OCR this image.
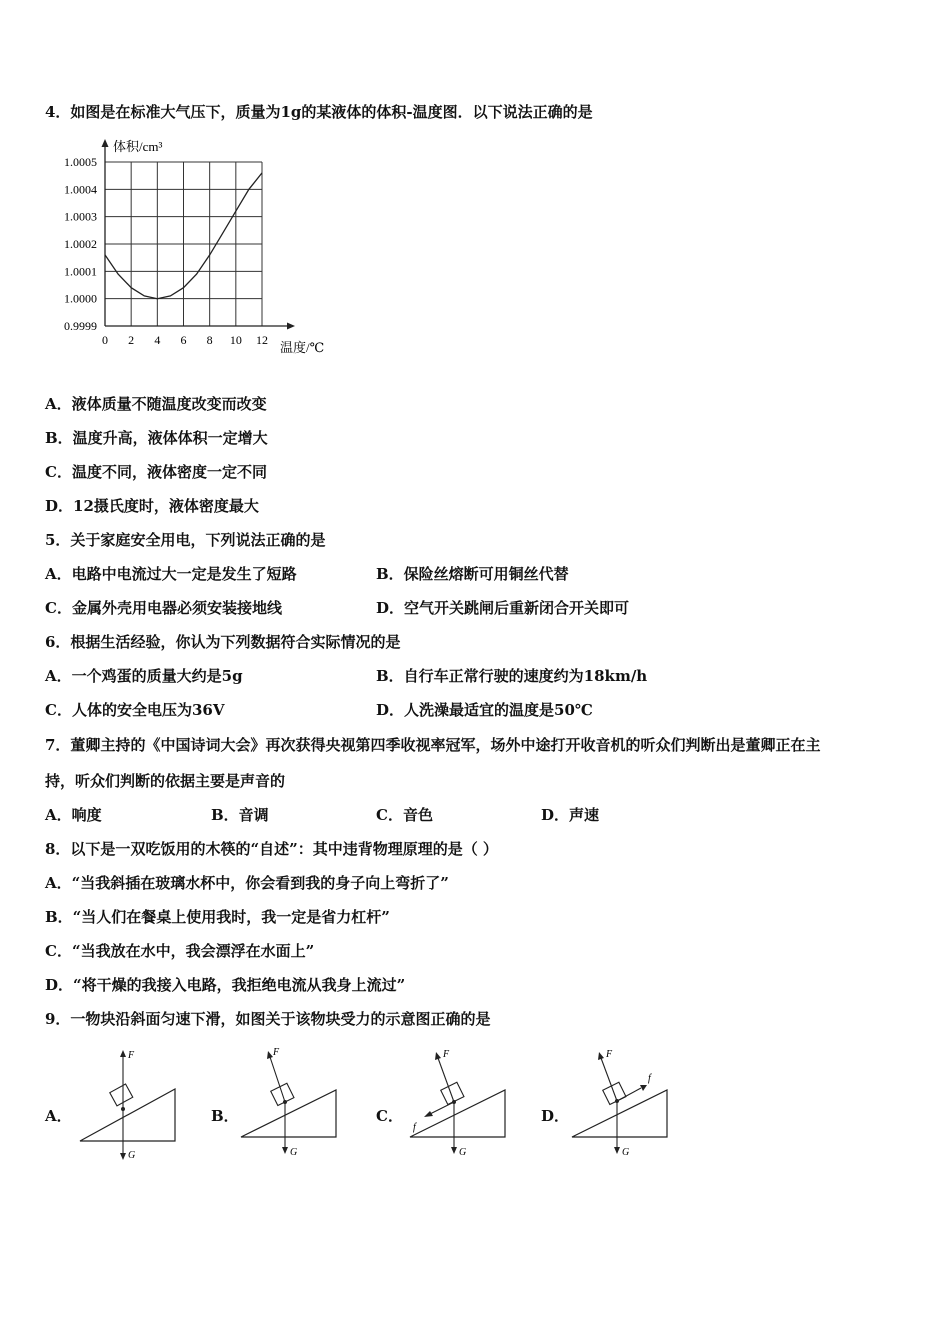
4．如图是在标准大气压下，质量为1g的某液体的体积-温度图．以下说法正确的是
0.9999
1.0000
1.0001
1.0002
1.0003
1.0004
1.0005
0 2 4 6 8 10 12
体积/cm³
温度/℃
A．液体质量不随温度改变而改变
B．温度升高，液体体积一定增大
C．温度不同，液体密度一定不同
D．12摄氏度时，液体密度最大
5．关于家庭安全用电，下列说法正确的是
A．电路中电流过大一定是发生了短路	B．保险丝熔断可用铜丝代替
C．金属外壳用电器必须安装接地线	D．空气开关跳闸后重新闭合开关即可
6．根据生活经验，你认为下列数据符合实际情况的是
A．一个鸡蛋的质量大约是5g	B．自行车正常行驶的速度约为18km/h
C．人体的安全电压为36V	D．人洗澡最适宜的温度是50℃
7．董卿主持的《中国诗词大会》再次获得央视第四季收视率冠军，场外中途打开收音机的听众们判断出是董卿正在主
持，听众们判断的依据主要是声音的
A．响度	B．音调	C．音色	D．声速
8．以下是一双吃饭用的木筷的“自述”：其中违背物理原理的是（ ）
A．“当我斜插在玻璃水杯中，你会看到我的身子向上弯折了”
B．“当人们在餐桌上使用我时，我一定是省力杠杆”
C．“当我放在水中，我会漂浮在水面上”
D．“将干燥的我接入电路，我拒绝电流从我身上流过”
9．一物块沿斜面匀速下滑，如图关于该物块受力的示意图正确的是
A．	B．	C．	D．
F
G
F
G
F
f
G
F
f
G
